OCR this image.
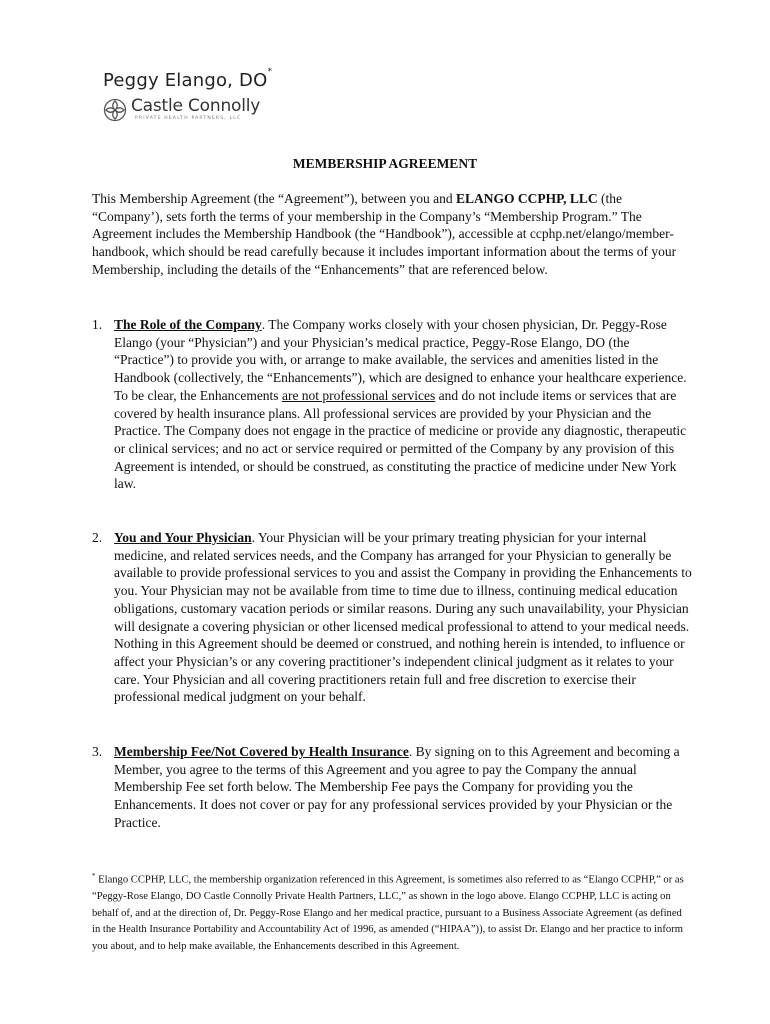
Peggy Elango, DO*
Castle Connolly
PRIVATE HEALTH PARTNERS, LLC
MEMBERSHIP AGREEMENT
This Membership Agreement (the “Agreement”), between you and ELANGO CCPHP, LLC (the “Company’), sets forth the terms of your membership in the Company’s “Membership Program.” The Agreement includes the Membership Handbook (the “Handbook”), accessible at ccphp.net/elango/member-handbook, which should be read carefully because it includes important information about the terms of your Membership, including the details of the “Enhancements” that are referenced below.
1. The Role of the Company. The Company works closely with your chosen physician, Dr. Peggy-Rose Elango (your “Physician”) and your Physician’s medical practice, Peggy-Rose Elango, DO (the “Practice”) to provide you with, or arrange to make available, the services and amenities listed in the Handbook (collectively, the “Enhancements”), which are designed to enhance your healthcare experience. To be clear, the Enhancements are not professional services and do not include items or services that are covered by health insurance plans. All professional services are provided by your Physician and the Practice. The Company does not engage in the practice of medicine or provide any diagnostic, therapeutic or clinical services; and no act or service required or permitted of the Company by any provision of this Agreement is intended, or should be construed, as constituting the practice of medicine under New York law.
2. You and Your Physician. Your Physician will be your primary treating physician for your internal medicine, and related services needs, and the Company has arranged for your Physician to generally be available to provide professional services to you and assist the Company in providing the Enhancements to you. Your Physician may not be available from time to time due to illness, continuing medical education obligations, customary vacation periods or similar reasons. During any such unavailability, your Physician will designate a covering physician or other licensed medical professional to attend to your medical needs. Nothing in this Agreement should be deemed or construed, and nothing herein is intended, to influence or affect your Physician’s or any covering practitioner’s independent clinical judgment as it relates to your care. Your Physician and all covering practitioners retain full and free discretion to exercise their professional medical judgment on your behalf.
3. Membership Fee/Not Covered by Health Insurance. By signing on to this Agreement and becoming a Member, you agree to the terms of this Agreement and you agree to pay the Company the annual Membership Fee set forth below. The Membership Fee pays the Company for providing you the Enhancements. It does not cover or pay for any professional services provided by your Physician or the Practice.
* Elango CCPHP, LLC, the membership organization referenced in this Agreement, is sometimes also referred to as “Elango CCPHP,” or as “Peggy-Rose Elango, DO Castle Connolly Private Health Partners, LLC,” as shown in the logo above. Elango CCPHP, LLC is acting on behalf of, and at the direction of, Dr. Peggy-Rose Elango and her medical practice, pursuant to a Business Associate Agreement (as defined in the Health Insurance Portability and Accountability Act of 1996, as amended (“HIPAA”)), to assist Dr. Elango and her practice to inform you about, and to help make available, the Enhancements described in this Agreement.
